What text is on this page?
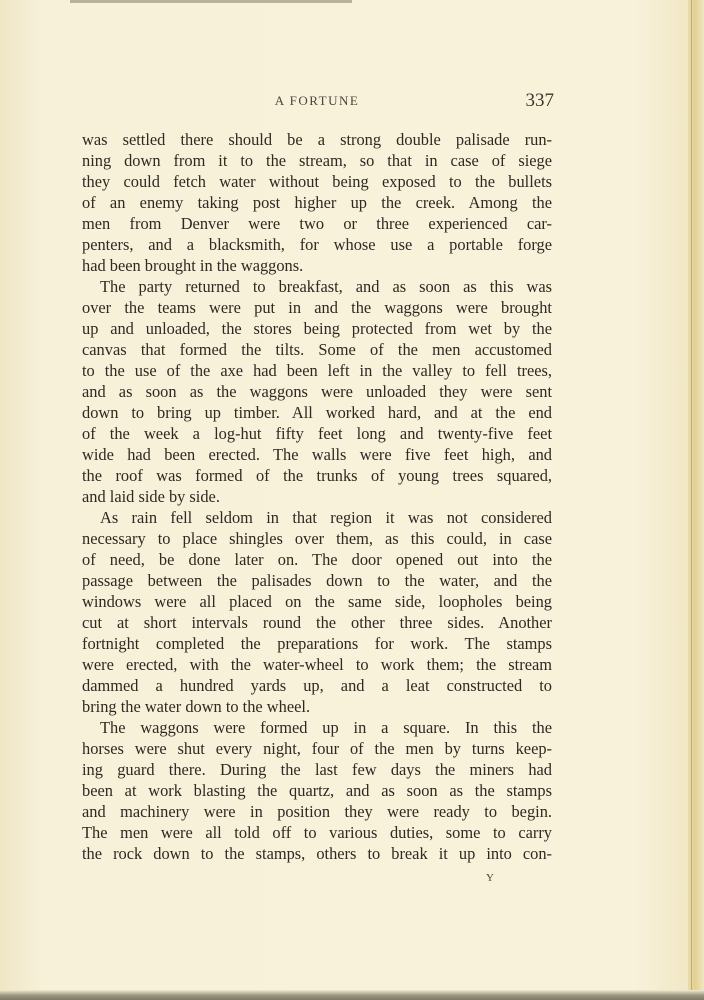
A FORTUNE	337
was settled there should be a strong double palisade run-
ning down from it to the stream, so that in case of siege
they could fetch water without being exposed to the bullets
of an enemy taking post higher up the creek. Among the
men from Denver were two or three experienced car-
penters, and a blacksmith, for whose use a portable forge
had been brought in the waggons.
The party returned to breakfast, and as soon as this was
over the teams were put in and the waggons were brought
up and unloaded, the stores being protected from wet by the
canvas that formed the tilts. Some of the men accustomed
to the use of the axe had been left in the valley to fell trees,
and as soon as the waggons were unloaded they were sent
down to bring up timber. All worked hard, and at the end
of the week a log-hut fifty feet long and twenty-five feet
wide had been erected. The walls were five feet high, and
the roof was formed of the trunks of young trees squared,
and laid side by side.
As rain fell seldom in that region it was not considered
necessary to place shingles over them, as this could, in case
of need, be done later on. The door opened out into the
passage between the palisades down to the water, and the
windows were all placed on the same side, loopholes being
cut at short intervals round the other three sides. Another
fortnight completed the preparations for work. The stamps
were erected, with the water-wheel to work them; the stream
dammed a hundred yards up, and a leat constructed to
bring the water down to the wheel.
The waggons were formed up in a square. In this the
horses were shut every night, four of the men by turns keep-
ing guard there. During the last few days the miners had
been at work blasting the quartz, and as soon as the stamps
and machinery were in position they were ready to begin.
The men were all told off to various duties, some to carry
the rock down to the stamps, others to break it up into con-
Y
